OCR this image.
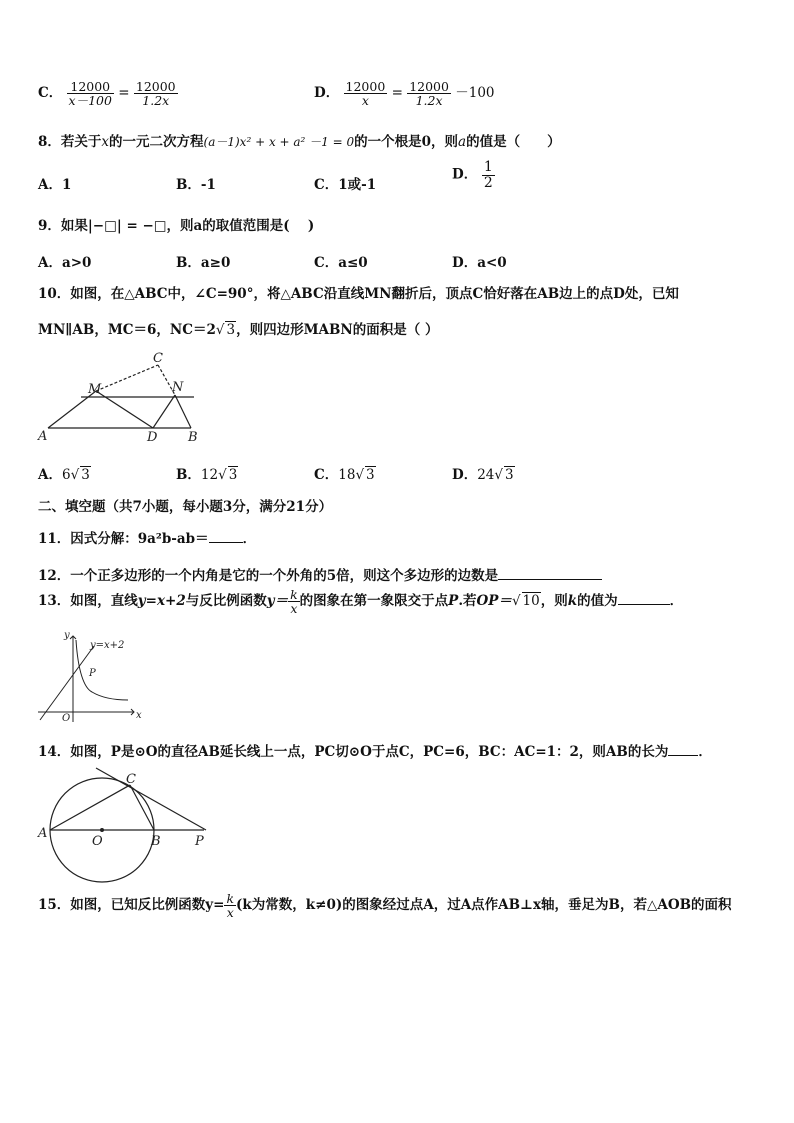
C． $\frac{12000}{x-100} = \frac{12000}{1.2x}$	D． $\frac{12000}{x} = \frac{12000}{1.2x} -100$
8．若关于x的一元二次方程(a－1)x² + x + a² －1 = 0的一个根是0，则a的值是（　　）
A．1	B．-1	C．1或-1
D． $\frac{1}{2}$
9．如果|−□| = −□，则a的取值范围是(　 )
A．a>0	B．a≥0	C．a≤0	D．a<0
10．如图，在△ABC中，∠C=90°，将△ABC沿直线MN翻折后，顶点C恰好落在AB边上的点D处，已知
MN∥AB，MC＝6，NC＝2√ 3，则四边形MABN的面积是（ ）
A	B
C
D
M	N
A．6√ 3	B．12√ 3	C．18√ 3	D．24√ 3
二、填空题（共7小题，每小题3分，满分21分）
11．因式分解：9a²b-ab＝	．
12．一个正多边形的一个内角是它的一个外角的5倍，则这个多边形的边数是
13．如图，直线y=x+2与反比例函数$y= \frac{k}{x}$ 的图象在第一象限交于点P.若OP＝√ 10，则k的值为	．
y
x
O
P
y=x+2
14．如图，P是⊙O的直径AB延长线上一点，PC切⊙O于点C，PC=6，BC：AC=1：2，则AB的长为 ．
A
B
C
O	P
15．如图，已知反比例函数$y= \frac{k}{x} (k$为常数，k≠0)的图象经过点A，过A点作AB⊥x轴，垂足为B，若△AOB的面积
